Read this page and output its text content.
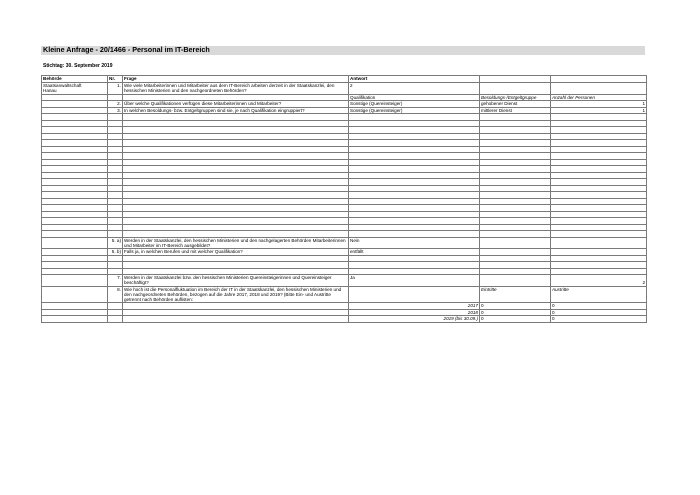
Kleine Anfrage - 20/1466 - Personal im IT-Bereich
Stichtag: 30. September 2019
Behörde	Nr.	Frage	Antwort		
Staatsanwaltschaft
Hanau	1.	Wie viele Mitarbeiterinnen und Mitarbeiter aus dem IT-Bereich arbeiten derzeit in der Staatskanzlei, den hessischen Ministerien und den nachgeordneten Behörden?	2		
			Qualifikation	Besoldungs-/Entgeltgruppe	Anzahl der Personen
	2.	Über welche Qualifikationen verfügen diese Mitarbeiterinnen und Mitarbeiter?	Sonstige (Quereinsteiger)	gehobener Dienst	1
	3.	In welchen Besoldungs- bzw. Entgeltgruppen sind sie, je nach Qualifikation eingruppiert?	Sonstige (Quereinsteiger)	mittlerer Dienst	1

	5. a)	Werden in der Staatskanzlei, den hessischen Ministerien und den nachgelagerten Behörden Mitarbeiterinnen und Mitarbeiter im IT-Bereich ausgebildet?	Nein		
	5. b)	Falls ja, in welchen Berufen und mit welcher Qualifikation?	entfällt		

	7.	Werden in der Staatskanzlei bzw. den hessischen Ministerien Quereinsteigerinnen und Quereinsteiger beschäftigt?	Ja		2
	8.	Wie hoch ist die Personalfluktuation im Bereich der IT in der Staatskanzlei, den hessischen Ministerien und den nachgeordneten Behörden, bezogen auf die Jahre 2017, 2018 und 2019? (Bitte Ein- und Austritte getrennt nach Behörden auflisten:		Eintritte	Austritte
			2017	0	0
			2018	0	0
			2019 (bis 30.09.)	0	0
